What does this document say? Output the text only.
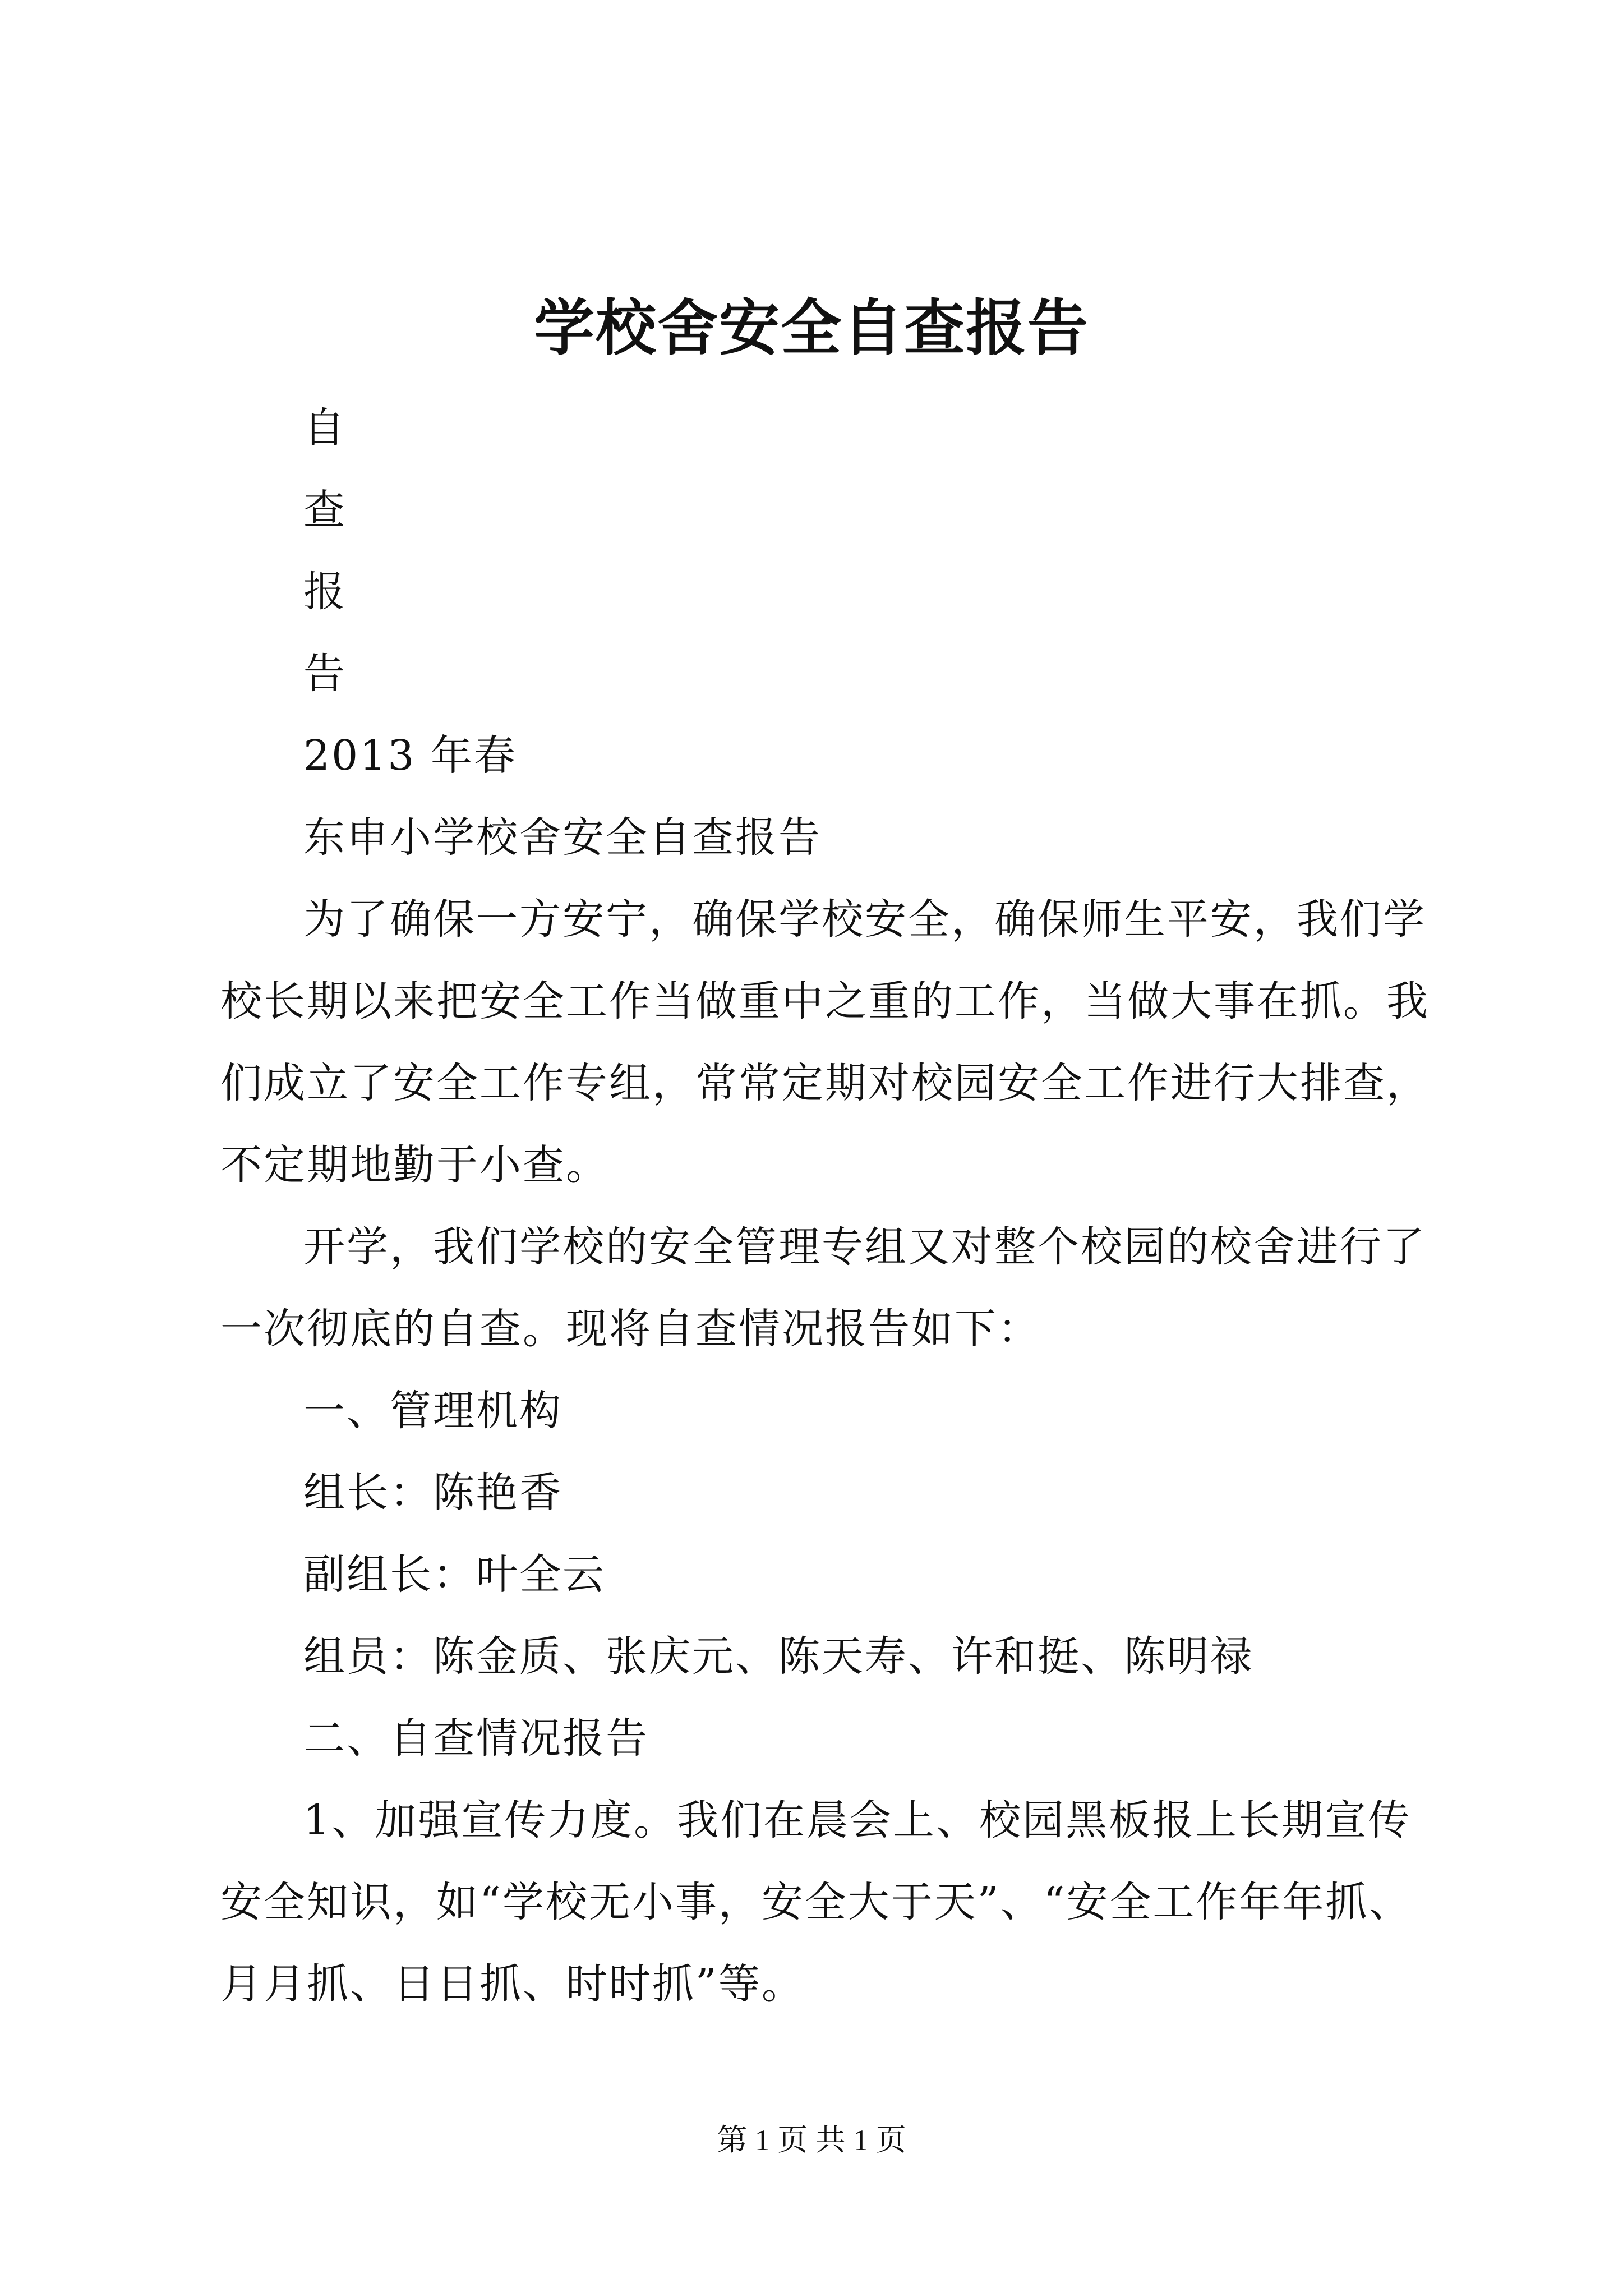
学校舍安全自查报告
自
查
报
告
2013 年春
东申小学校舍安全自查报告
为了确保一方安宁，确保学校安全，确保师生平安，我们学
校长期以来把安全工作当做重中之重的工作，当做大事在抓。我
们成立了安全工作专组，常常定期对校园安全工作进行大排查，
不定期地勤于小查。
开学，我们学校的安全管理专组又对整个校园的校舍进行了
一次彻底的自查。现将自查情况报告如下：
一、管理机构
组长：陈艳香
副组长：叶全云
组员：陈金质、张庆元、陈天寿、许和挺、陈明禄
二、自查情况报告
1、加强宣传力度。我们在晨会上、校园黑板报上长期宣传
安全知识，如“学校无小事，安全大于天”、“安全工作年年抓、
月月抓、日日抓、时时抓”等。
第 1 页 共 1 页
